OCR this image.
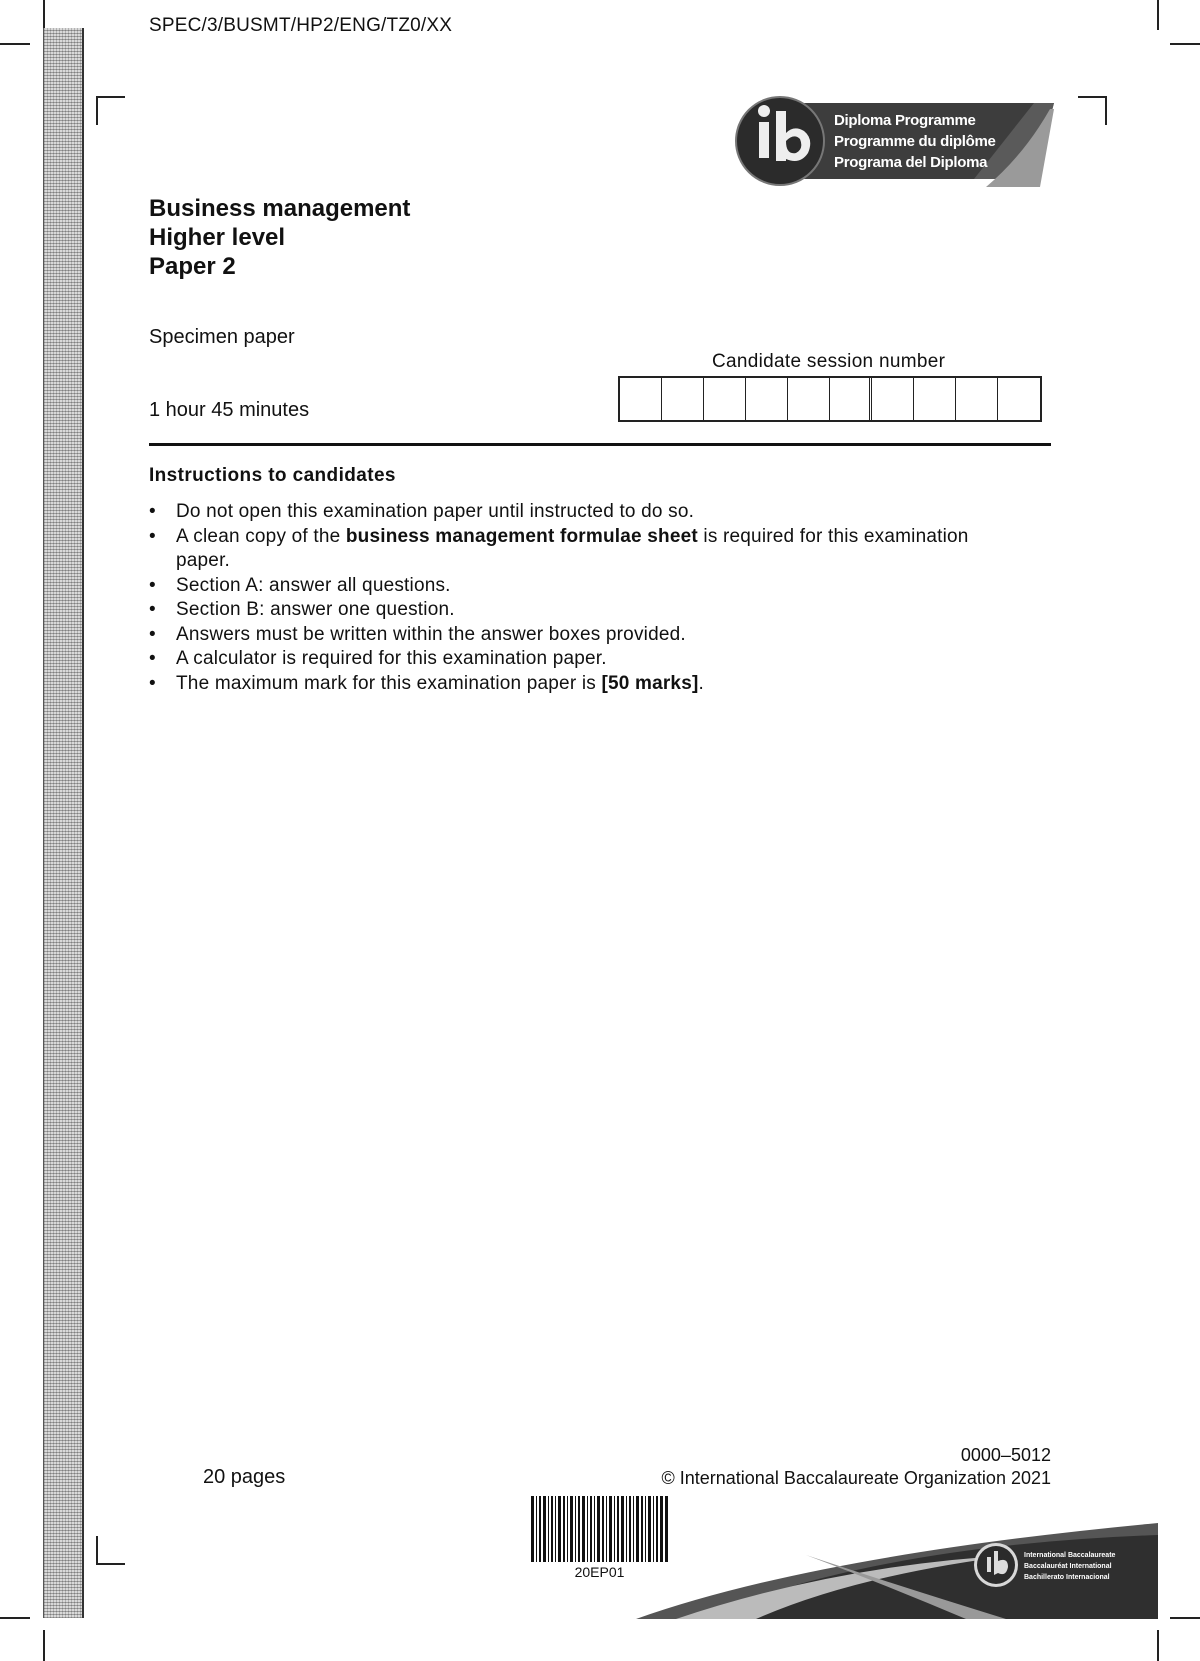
SPEC/3/BUSMT/HP2/ENG/TZ0/XX
Diploma Programme
Programme du diplôme
Programa del Diploma
Business management
Higher level
Paper 2
Specimen paper
1 hour 45 minutes
Candidate session number
Instructions to candidates
• Do not open this examination paper until instructed to do so.
• A clean copy of the business management formulae sheet is required for this examination paper.
• Section A: answer all questions.
• Section B: answer one question.
• Answers must be written within the answer boxes provided.
• A calculator is required for this examination paper.
• The maximum mark for this examination paper is [50 marks].
20 pages
0000–5012
© International Baccalaureate Organization 2021
20EP01
International Baccalaureate
Baccalauréat International
Bachillerato Internacional
